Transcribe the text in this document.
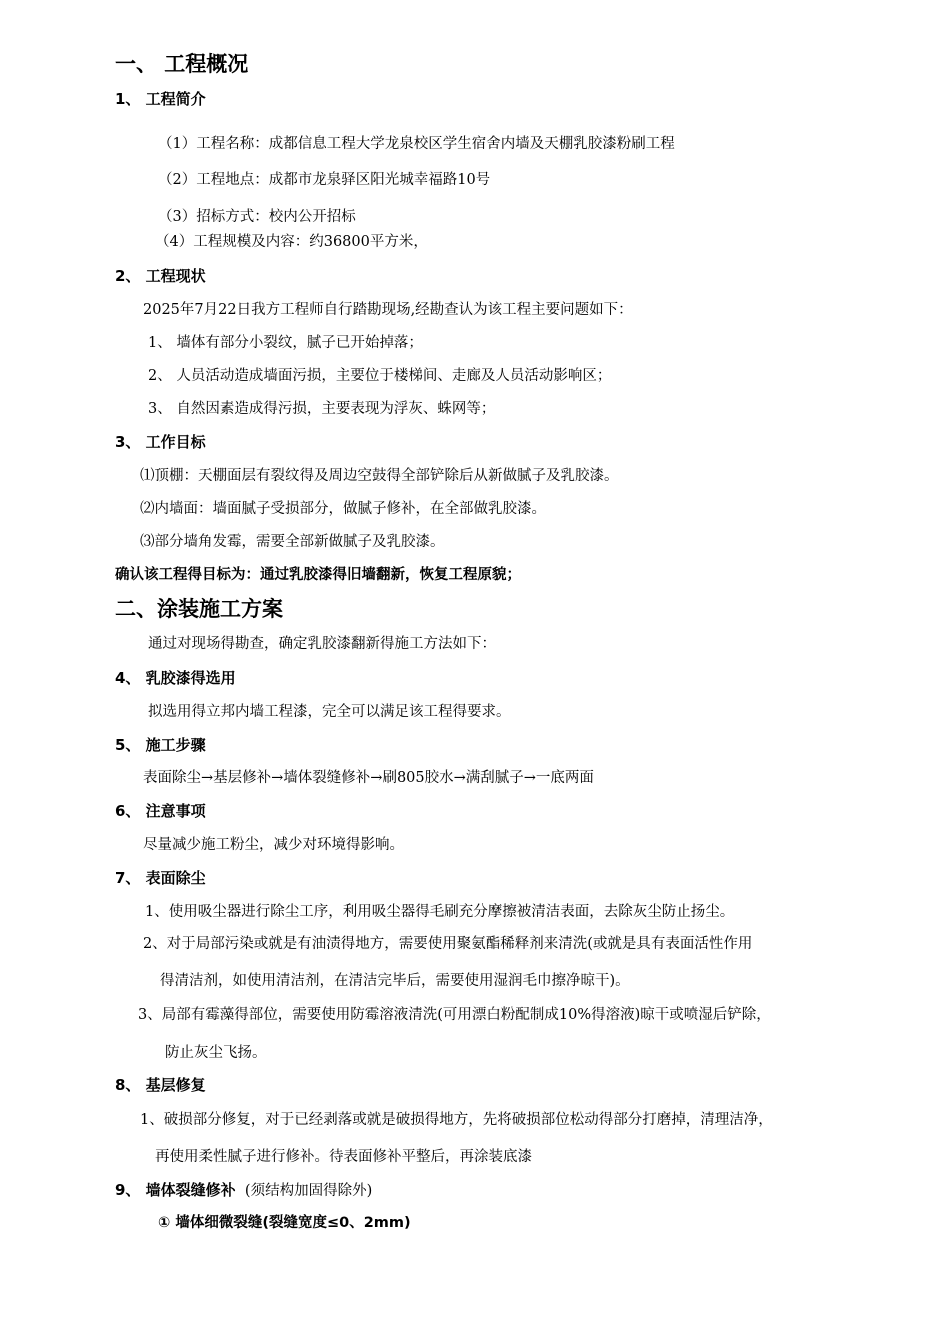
一、 工程概况
1、 工程简介
（1）工程名称：成都信息工程大学龙泉校区学生宿舍内墙及天棚乳胶漆粉刷工程
（2）工程地点：成都市龙泉驿区阳光城幸福路10号
（3）招标方式：校内公开招标
（4）工程规模及内容：约36800平方米，
2、 工程现状
2025年7月22日我方工程师自行踏勘现场,经勘查认为该工程主要问题如下：
1、 墙体有部分小裂纹，腻子已开始掉落；
2、 人员活动造成墙面污损，主要位于楼梯间、走廊及人员活动影响区；
3、 自然因素造成得污损，主要表现为浮灰、蛛网等；
3、 工作目标
⑴顶棚：天棚面层有裂纹得及周边空鼓得全部铲除后从新做腻子及乳胶漆。
⑵内墙面：墙面腻子受损部分，做腻子修补，在全部做乳胶漆。
⑶部分墙角发霉，需要全部新做腻子及乳胶漆。
确认该工程得目标为：通过乳胶漆得旧墙翻新，恢复工程原貌；
二、涂装施工方案
通过对现场得勘查，确定乳胶漆翻新得施工方法如下：
4、 乳胶漆得选用
拟选用得立邦内墙工程漆，完全可以满足该工程得要求。
5、 施工步骤
表面除尘→基层修补→墙体裂缝修补→刷805胶水→满刮腻子→一底两面
6、 注意事项
尽量减少施工粉尘，减少对环境得影响。
7、 表面除尘
1、使用吸尘器进行除尘工序，利用吸尘器得毛刷充分摩擦被清洁表面，去除灰尘防止扬尘。
2、对于局部污染或就是有油渍得地方，需要使用聚氨酯稀释剂来清洗(或就是具有表面活性作用
得清洁剂，如使用清洁剂，在清洁完毕后，需要使用湿润毛巾擦净晾干)。
3、局部有霉藻得部位，需要使用防霉溶液清洗(可用漂白粉配制成10%得溶液)晾干或喷湿后铲除，
防止灰尘飞扬。
8、 基层修复
1、破损部分修复，对于已经剥落或就是破损得地方，先将破损部位松动得部分打磨掉，清理洁净，
再使用柔性腻子进行修补。待表面修补平整后，再涂装底漆
9、 墙体裂缝修补 (须结构加固得除外)
① 墙体细微裂缝(裂缝宽度≤0、2mm)
